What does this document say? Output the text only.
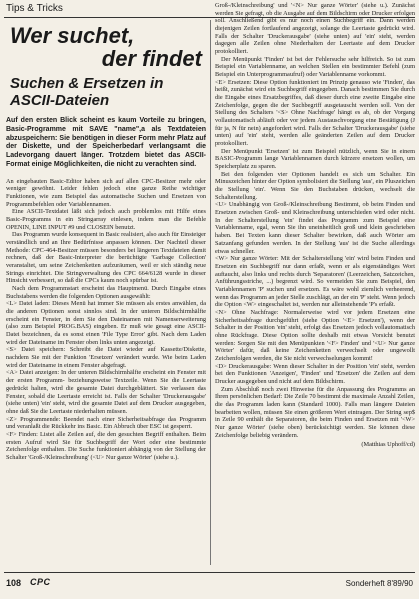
Tips & Tricks
Wer suchet,
der findet
Suchen & Ersetzen in ASCII-Dateien
Auf den ersten Blick scheint es kaum Vorteile zu bringen, Basic-Programme mit SAVE "name",a als Textdateien abzuspeichern: Sie benötigen in dieser Form mehr Platz auf der Diskette, und der Speicherbedarf verlangsamt die Ladevorgang dauert länger. Trotzdem bietet das ASCII-Format einige Möglichkeiten, die nicht zu verachten sind.

An eingebauten Basic-Editor haben sich auf allen CPC-Besitzer mehr oder weniger gewöhnt. Leider fehlen jedoch eine ganze Reihe wichtiger Funktionen, wie zum Beispiel das automatische Suchen und Ersetzen von Programmbefehlen oder Variablennamen.

Eine ASCII-Textdatei läßt sich jedoch auch problemlos mit Hilfe eines Basic-Programms in ein Stringarray einlesen, indem man die Befehle OPENIN, LINE INPUT #9 und CLOSEIN benutzt.

Das Programm wurde konsequent in Basic realisiert, also auch für Einsteiger verständlich und an Ihre Bedürfnisse anpassen können. Der Nachteil dieser Methode: CPC-464-Besitzer müssen besonders bei längeren Textdateien damit rechnen, daß der Basic-Interpreter die berüchtigte 'Garbage Collection' veranstaltet, um seine Zeichenketten aufzuräumen, weil er sich ständig neue Strings einrichtet. Die Stringverwaltung des CPC 664/6128 wurde in dieser Hinsicht verbessert, so daß die CPCs kaum noch spürbar ist.

Nach dem Programmstart erscheint das Hauptmenü. Durch Eingabe eines Buchstabens werden die folgenden Optionen ausgewählt:

<L> Datei laden: Dieses Menü hat immer Sie müssen als erstes anwählen, da die anderen Optionen sonst sinnlos sind. In der unteren Bildschirmhälfte erscheint ein Fenster, in dem Sie den Dateinamen mit Namenserweiterung (also zum Beispiel PROG.BAS) eingeben. Er muß wie gesagt eine ASCII-Datei bezeichnen, da es sonst einen 'File Type Error' gibt. Nach dem Laden wird der Dateiname im Fenster oben links unten angezeigt.

<S> Datei speichern: Schreibt die Datei wieder auf Kassette/Diskette, nachdem Sie mit der Funktion 'Ersetzen' verändert wurde. Wie beim Laden wird der Dateiname in einem Fenster abgefragt.

<A> Datei anzeigen: In der unteren Bildschirmhälfte erscheint ein Fenster mit der ersten Programm- beziehungsweise Textzeile. Wenn Sie die Leertaste gedrückt halten, wird die gesamte Datei durchgeblättert. Sie verlassen das Fenster, sobald die Leertaste erreicht ist. Falls der Schalter 'Druckerausgabe' (siehe unten) 'ein' steht, wird die gesamte Datei auf dem Drucker ausgegeben, ohne daß Sie die Leertaste niederhalten müssen.

<Z> Programmende: Beendet nach einer Sicherheitsabfrage das Programm und veranlaßt die Rückkehr ins Basic. Ein Abbruch über ESC ist gesperrt.

<F> Finden: Listet alle Zeilen auf, die den gesuchten Begriff enthalten. Beim ersten Aufruf wird Sie für Suchbegriff der Wort oder eine bestimmte Zeichenfolge enthalten. Die Suche funktioniert abhängig von der Stellung der Schalter 'Groß-/Kleinschreibung' (<U> Nur ganze Wörter' (siehe u.).

Groß-/Kleinschreibung' und '<N> Nur ganze Wörter' (siehe u.). Zunächst werden Sie gefragt, ob die Ausgabe auf dem Bildschirm oder Drucker erfolgen soll. Anschließend gibt es nur noch einen Suchbegriff ein. Dann werden diejenigen Zeilen fortlaufend angezeigt, solange die Leertaste gedrückt wird. Falls der Schalter 'Druckerausgabe' (siehe unten) auf 'ein' steht, werden dagegen alle Zeilen ohne Niederhalten der Leertaste auf dem Drucker protokolliert.

Der Menüpunkt 'Finden' ist bei der Fehlersuche sehr hilfreich. So ist zum Beispiel ein Variablenname, an welchen Stellen ein bestimmter Befehl (zum Beispiel ein Unterprogrammaufruf) oder Variablenname vorkommt.

<E> Ersetzen: Diese Option funktioniert im Prinzip genauso wie 'Finden', das heißt, zunächst wird ein Suchbegriff eingegeben. Danach bestimmen Sie durch die Eingabe eines Ersatzbegriffes, daß dieser durch eine zweite Eingabe eine Zeichenfolge, gegen die der Suchbegriff ausgetauscht werden soll. Von der Stellung des Schalters '<S> Ohne Nachfrage' hängt es ab, ob der Vorgang vollautomatisch abläuft oder vor jedem Austauschvorgang eine Bestätigung (J für ja, N für nein) angefordert wird. Falls der Schalter 'Druckerausgabe' (siehe unten) auf 'ein' steht, werden alle geänderten Zeilen auf dem Drucker protokolliert.

Der Menüpunkt 'Ersetzen' ist zum Beispiel nützlich, wenn Sie in einem BASIC-Programm lange Variablennamen durch kürzere ersetzen wollen, um Speicherplatz zu sparen.

Bei den folgenden vier Optionen handelt es sich um Schalter. Ein Minuszeichen hinter der Option symbolisiert die Stellung 'aus', ein Pluszeichen die Stellung 'ein'. Wenn Sie den Buchstaben drücken, wechselt die Schalterstellung.

<U> Unabhängig von Groß-/Kleinschreibung Bestimmt, ob beim Finden und Ersetzen zwischen Groß- und Kleinschreibung unterschieden wird oder nicht. In der Schalterstellung 'ein' findet das Programm zum Beispiel eine Variablenname, egal, wenn Sie ihn uneinheitlich groß und klein geschrieben haben. Bei Texten kann dieser Schalter bewirken, daß auch Wörter am Satzanfang gefunden werden. In der Stellung 'aus' ist die Suche allerdings etwas schneller.

<W> Nur ganze Wörter: Mit der Schalterstellung 'ein' wird beim Finden und Ersetzen ein Suchbegriff nur dann erfaßt, wenn er als eigenständiges Wort auftaucht, also links und rechts durch 'Separatoren' (Leerzeichen, Satzzeichen, Anführungsstriche, ...) begrenzt wird. So vermeiden Sie zum Beispiel, den Variablennamen 'P' suchen und ersetzen. Es wäre wohl ziemlich verheerend, wenn das Programm an jeder Stelle zuschlägt, an der ein 'P' steht. Wenn jedoch die Option <W> eingeschaltet ist, werden nur alleinstehende 'P's erfaßt.

<N> Ohne Nachfrage: Normalerweise wird vor jedem Ersetzen eine Sicherheitsabfrage durchgeführt (siehe Option '<E> Ersetzen'), wenn der Schalter in der Position 'ein' steht, erfolgt das Ersetzen jedoch vollautomatisch ohne Rückfrage. Diese Option sollte deshalb mit etwas Vorsicht benutzt werden: Sorgen Sie mit den Menüpunkten '<F> Finden' und '<U> Nur ganze Wörter' dafür, daß keine Zeichenketten verwechselt oder ungewollt Zeichenfolgen werden, die Sie nicht verwechselungen kommt!

<D> Druckerausgabe: Wenn dieser Schalter in der Position 'ein' steht, werden bei den Funktionen 'Anzeigen', 'Finden' und 'Ersetzen' die Zeilen auf dem Drucker ausgegeben und nicht auf dem Bildschirm.

Zum Abschluß noch zwei Hinweise für die Anpassung des Programms an Ihren persönlichen Bedarf: Die Zeile 70 bestimmt die maximale Anzahl Zeilen, die das Programm laden kann (Standard 1000). Falls man längere Dateien bearbeiten wollen, müssen Sie einen größeren Wert eintragen. Der String sep$ in Zeile 90 enthält die Separatoren, die beim Finden und Ersetzen mit '<W> Nur ganze Wörter' (siehe oben) berücksichtigt werden. Sie können diese Zeichenfolge beliebig verändern.

(Matthias Uphoff/cd)
108 CPC	Sonderheft 8'89/90
